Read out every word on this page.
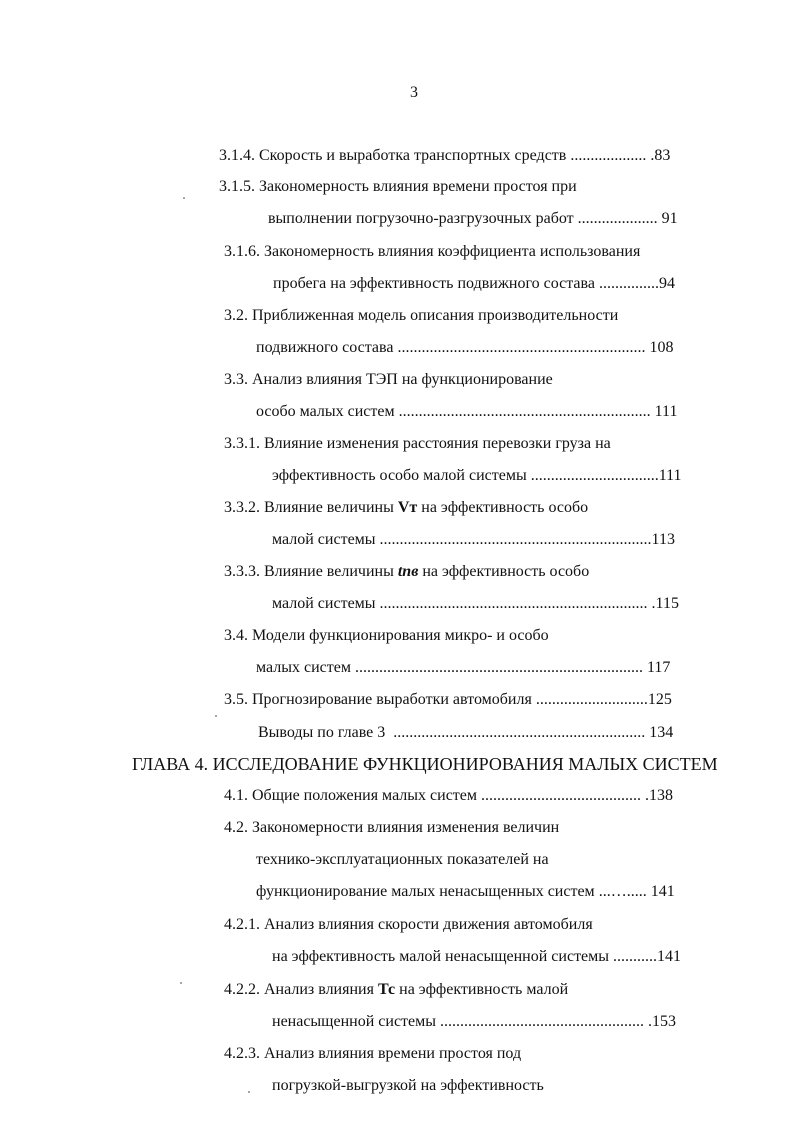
3

3.1.4. Скорость и выработка транспортных средств ................... .83

3.1.5. Закономерность влияния времени простоя при

выполнении погрузочно-разгрузочных работ .................... 91

3.1.6. Закономерность влияния коэффициента использования

пробега на эффективность подвижного состава ...............94

3.2. Приближенная модель описания производительности

подвижного состава .............................................................. 108

3.3. Анализ влияния ТЭП на функционирование

особо малых систем ............................................................... 111

3.3.1. Влияние изменения расстояния перевозки груза на

эффективность особо малой системы ................................111

3.3.2. Влияние величины Vт на эффективность особо

малой системы ....................................................................113

3.3.3. Влияние величины tпв на эффективность особо

малой системы ................................................................... .115

3.4. Модели функционирования микро- и особо

малых систем ........................................................................ 117

3.5. Прогнозирование выработки автомобиля ............................125

Выводы по главе 3  ............................................................... 134

ГЛАВА 4. ИССЛЕДОВАНИЕ ФУНКЦИОНИРОВАНИЯ МАЛЫХ СИСТЕМ

4.1. Общие положения малых систем ........................................ .138

4.2. Закономерности влияния изменения величин

технико-эксплуатационных показателей на

функционирование малых ненасыщенных систем ...…..... 141

4.2.1. Анализ влияния скорости движения автомобиля

на эффективность малой ненасыщенной системы ...........141

4.2.2. Анализ влияния Тс на эффективность малой

ненасыщенной системы ................................................... .153

4.2.3. Анализ влияния времени простоя под

погрузкой-выгрузкой на эффективность
